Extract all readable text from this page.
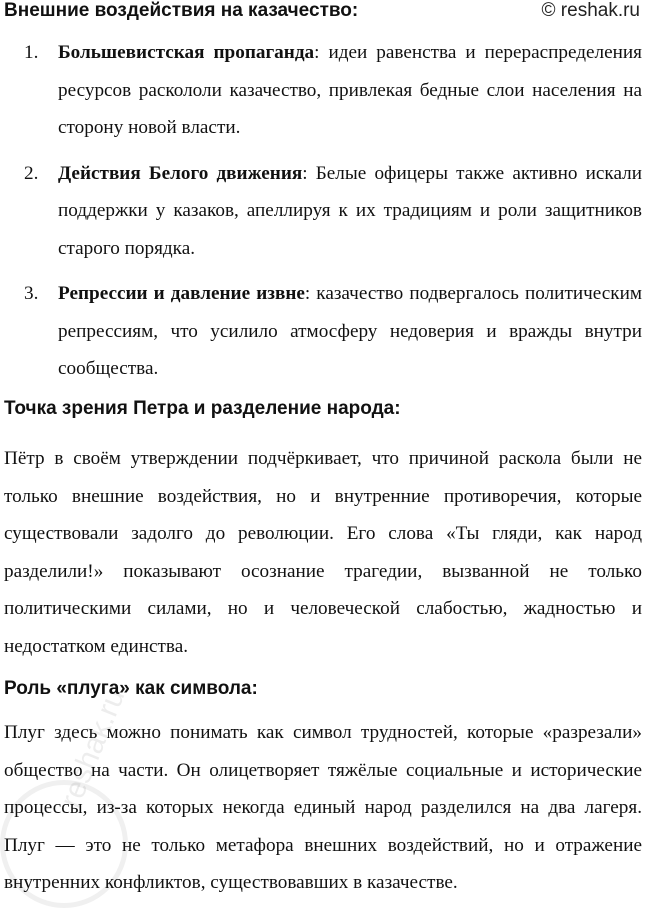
Внешние воздействия на казачество:	© reshak.ru
1. Большевистская пропаганда: идеи равенства и перераспределения ресурсов раскололи казачество, привлекая бедные слои населения на сторону новой власти.
2. Действия Белого движения: Белые офицеры также активно искали поддержки у казаков, апеллируя к их традициям и роли защитников старого порядка.
3. Репрессии и давление извне: казачество подвергалось политическим репрессиям, что усилило атмосферу недоверия и вражды внутри сообщества.
Точка зрения Петра и разделение народа:

Пётр в своём утверждении подчёркивает, что причиной раскола были не только внешние воздействия, но и внутренние противоречия, которые существовали задолго до революции. Его слова «Ты гляди, как народ разделили!» показывают осознание трагедии, вызванной не только политическими силами, но и человеческой слабостью, жадностью и недостатком единства.

Роль «плуга» как символа:

Плуг здесь можно понимать как символ трудностей, которые «разрезали» общество на части. Он олицетворяет тяжёлые социальные и исторические процессы, из-за которых некогда единый народ разделился на два лагеря. Плуг — это не только метафора внешних воздействий, но и отражение внутренних конфликтов, существовавших в казачестве.

reshak.ru
